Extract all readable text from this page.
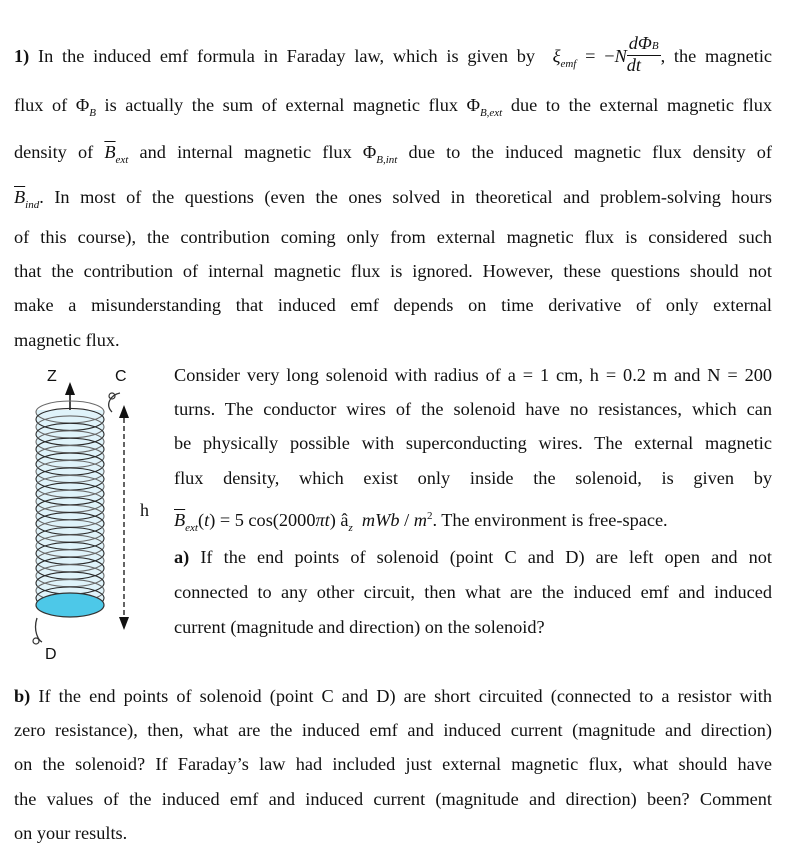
1) In the induced emf formula in Faraday law, which is given by $\xi_{emf} = -N \frac{\text{dΦB}}{dt}$ , the magnetic
flux of $\Phi_B$ is actually the sum of external magnetic flux $\Phi_{B,ext}$ due to the external magnetic flux
density of $\overline{B}_{ext}$ and internal magnetic flux $\Phi_{B,int}$ due to the induced magnetic flux density of
$\overline{B}_{ind}$. In most of the questions (even the ones solved in theoretical and problem-solving hours
of this course), the contribution coming only from external magnetic flux is considered such
that the contribution of internal magnetic flux is ignored. However, these questions should not
make a misunderstanding that induced emf depends on time derivative of only external
magnetic flux.
Consider very long solenoid with radius of a = 1 cm, h = 0.2 m and N = 200
turns. The conductor wires of the solenoid have no resistances, which can
be physically possible with superconducting wires. The external magnetic
flux density, which exist only inside the solenoid, is given by
$\overline{B}_{ext}(t) = 5$ cos(2000πt) $â_z$ mWb / $m^2$. The environment is free-space.
a) If the end points of solenoid (point C and D) are left open and not
connected to any other circuit, then what are the induced emf and induced
current (magnitude and direction) on the solenoid?
b) If the end points of solenoid (point C and D) are short circuited (connected to a resistor with
zero resistance), then, what are the induced emf and induced current (magnitude and direction)
on the solenoid? If Faraday’s law had included just external magnetic flux, what should have
the values of the induced emf and induced current (magnitude and direction) been? Comment
on your results.
Z	C
D
h
